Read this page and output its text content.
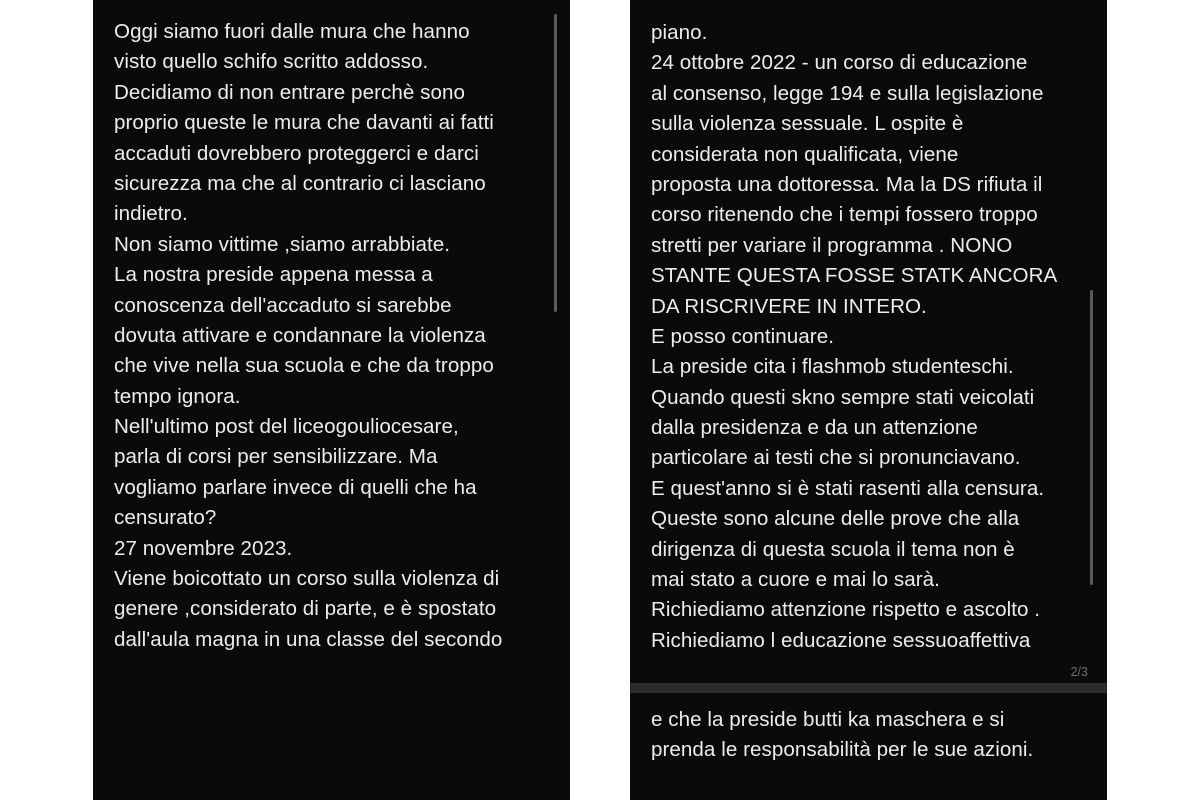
Oggi siamo fuori dalle mura che hanno
visto quello schifo scritto addosso.
Decidiamo di non entrare perchè sono
proprio queste le mura che davanti ai fatti
accaduti dovrebbero proteggerci e darci
sicurezza ma che al contrario ci lasciano
indietro.
Non siamo vittime ,siamo arrabbiate.
La nostra preside appena messa a
conoscenza dell'accaduto si sarebbe
dovuta attivare e condannare la violenza
che vive nella sua scuola e che da troppo
tempo ignora.
Nell'ultimo post del liceogouliocesare,
parla di corsi per sensibilizzare. Ma
vogliamo parlare invece di quelli che ha
censurato?
27 novembre 2023.
Viene boicottato un corso sulla violenza di
genere ,considerato di parte, e è spostato
dall'aula magna in una classe del secondo
piano.
24 ottobre 2022 - un corso di educazione
al consenso, legge 194 e sulla legislazione
sulla violenza sessuale. L ospite è
considerata non qualificata, viene
proposta una dottoressa. Ma la DS rifiuta il
corso ritenendo che i tempi fossero troppo
stretti per variare il programma . NONO
STANTE QUESTA FOSSE STATK ANCORA
DA RISCRIVERE IN INTERO.
E posso continuare.
La preside cita i flashmob studenteschi.
Quando questi skno sempre stati veicolati
dalla presidenza e da un attenzione
particolare ai testi che si pronunciavano.
E quest'anno si è stati rasenti alla censura.
Queste sono alcune delle prove che alla
dirigenza di questa scuola il tema non è
mai stato a cuore e mai lo sarà.
Richiediamo attenzione rispetto e ascolto .
Richiediamo l educazione sessuoaffettiva
2/3
e che la preside butti ka maschera e si
prenda le responsabilità per le sue azioni.
